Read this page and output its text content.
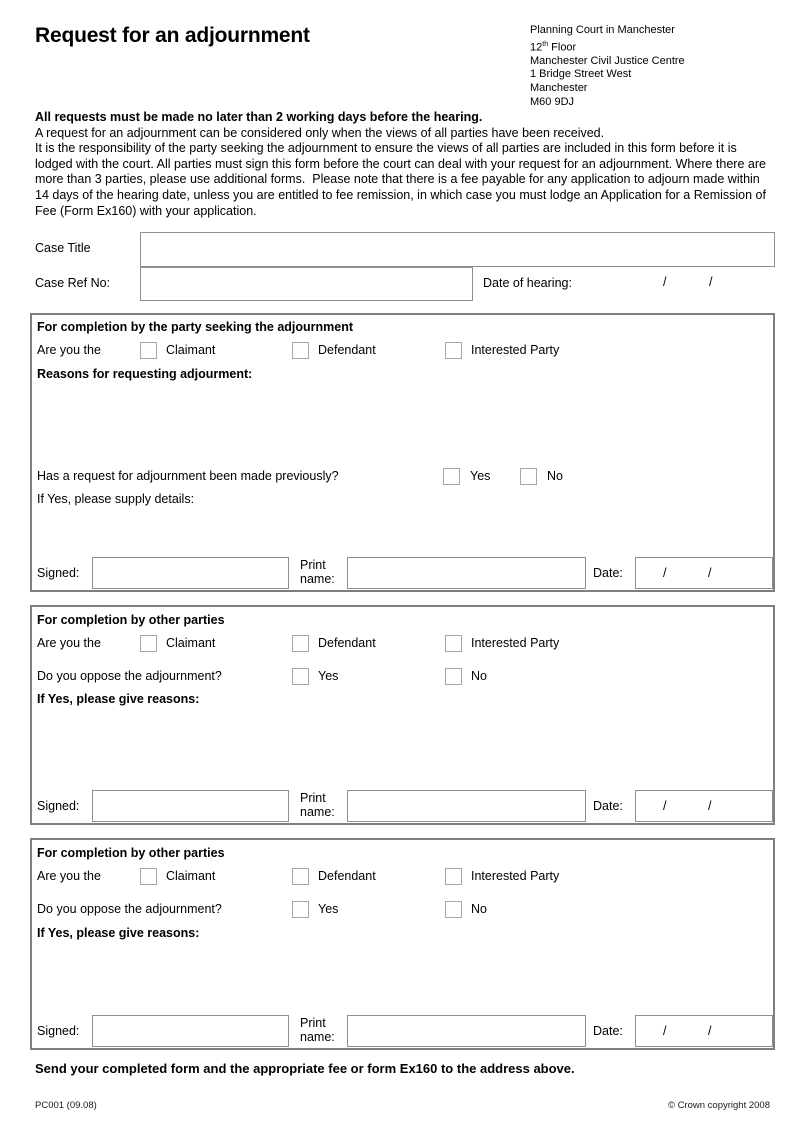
Request for an adjournment	Planning Court in Manchester
12th Floor
Manchester Civil Justice Centre
1 Bridge Street West
Manchester
M60 9DJ
All requests must be made no later than 2 working days before the hearing.
A request for an adjournment can be considered only when the views of all parties have been received.
It is the responsibility of the party seeking the adjournment to ensure the views of all parties are included in this form before it is lodged with the court. All parties must sign this form before the court can deal with your request for an adjournment. Where there are more than 3 parties, please use additional forms.  Please note that there is a fee payable for any application to adjourn made within 14 days of the hearing date, unless you are entitled to fee remission, in which case you must lodge an Application for a Remission of Fee (Form Ex160) with your application.
Case Title
Case Ref No:	Date of hearing:	/	/
For completion by the party seeking the adjournment
Are you the	Claimant	Defendant	Interested Party
Reasons for requesting adjourment:
Has a request for adjournment been made previously?	Yes	No
If Yes, please supply details:
Signed:
Print
name:	Date:	/	/
For completion by other parties
Are you the	Claimant	Defendant	Interested Party
Do you oppose the adjournment?	Yes	No
If Yes, please give reasons:
Signed:
Print
name:	Date:	/	/
For completion by other parties
Are you the	Claimant	Defendant	Interested Party
Do you oppose the adjournment?	Yes	No
If Yes, please give reasons:
Signed:
Print
name:	Date:	/	/
Send your completed form and the appropriate fee or form Ex160 to the address above.
PC001 (09.08)	© Crown copyright 2008
